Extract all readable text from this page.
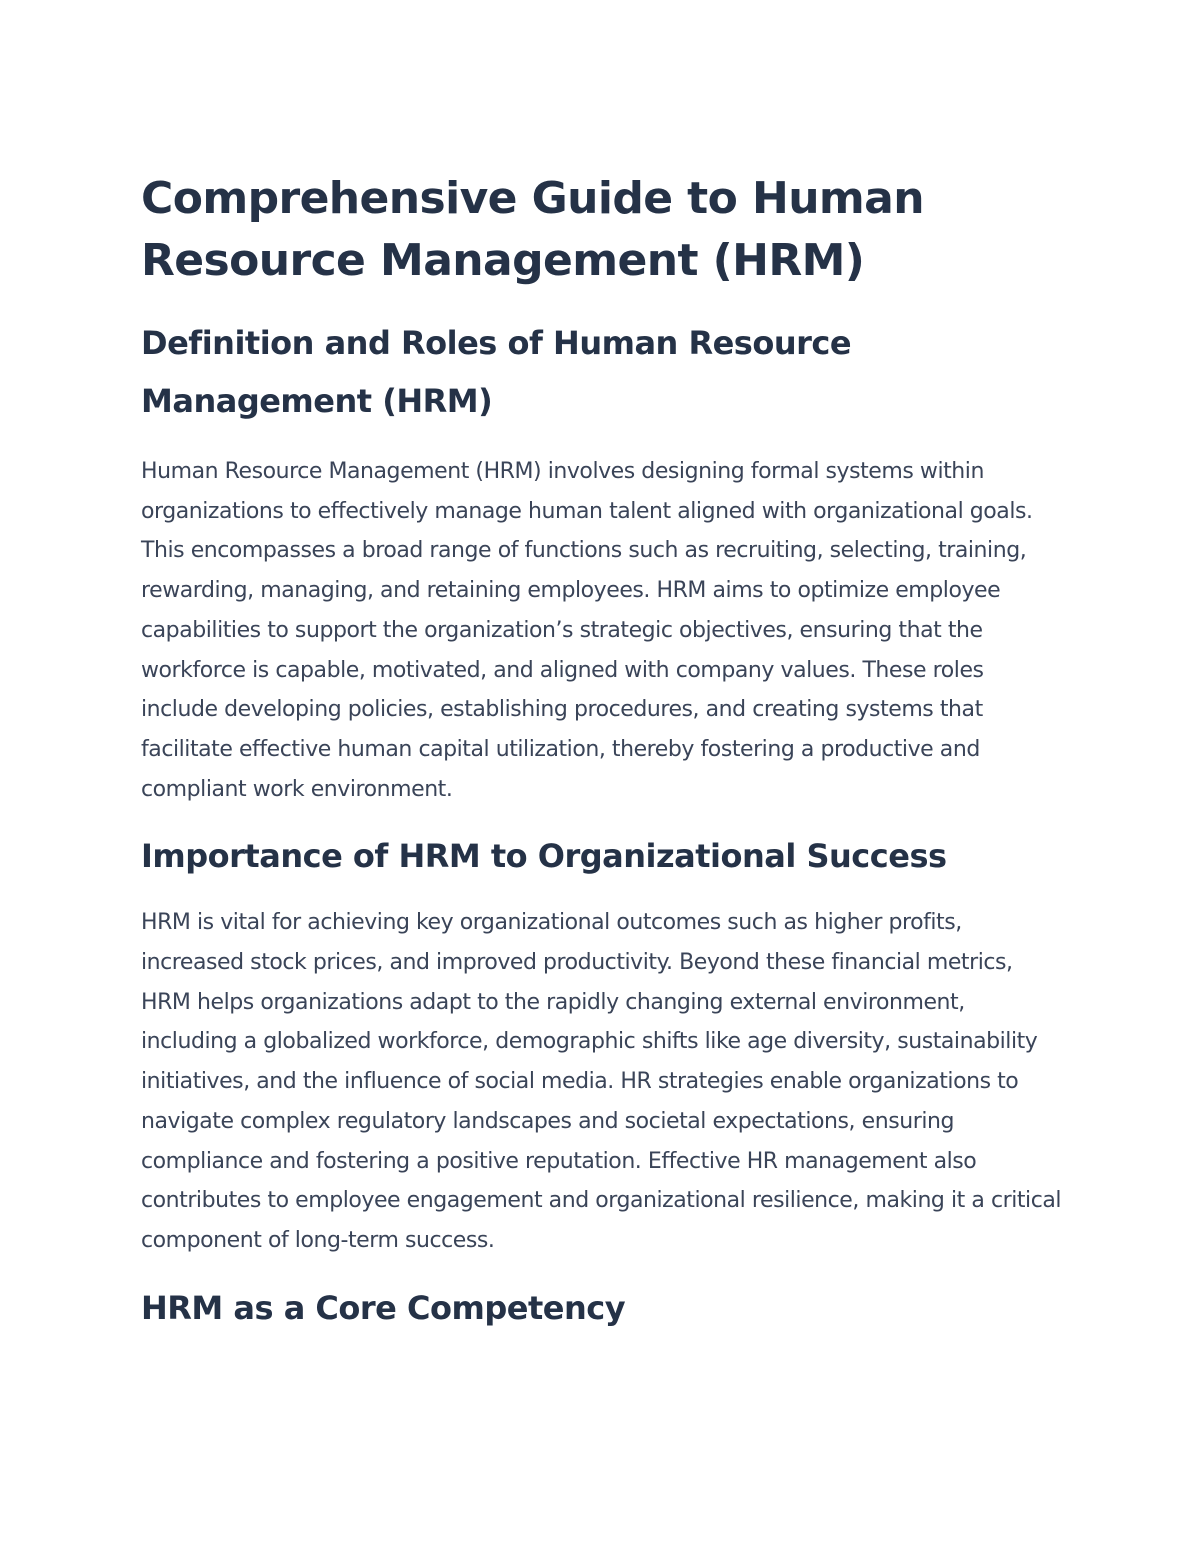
Comprehensive Guide to Human Resource Management (HRM)
Definition and Roles of Human Resource Management (HRM)

Human Resource Management (HRM) involves designing formal systems within organizations to effectively manage human talent aligned with organizational goals. This encompasses a broad range of functions such as recruiting, selecting, training, rewarding, managing, and retaining employees. HRM aims to optimize employee capabilities to support the organization’s strategic objectives, ensuring that the workforce is capable, motivated, and aligned with company values. These roles include developing policies, establishing procedures, and creating systems that facilitate effective human capital utilization, thereby fostering a productive and compliant work environment.

Importance of HRM to Organizational Success

HRM is vital for achieving key organizational outcomes such as higher profits, increased stock prices, and improved productivity. Beyond these financial metrics, HRM helps organizations adapt to the rapidly changing external environment, including a globalized workforce, demographic shifts like age diversity, sustainability initiatives, and the influence of social media. HR strategies enable organizations to navigate complex regulatory landscapes and societal expectations, ensuring compliance and fostering a positive reputation. Effective HR management also contributes to employee engagement and organizational resilience, making it a critical component of long-term success.

HRM as a Core Competency
